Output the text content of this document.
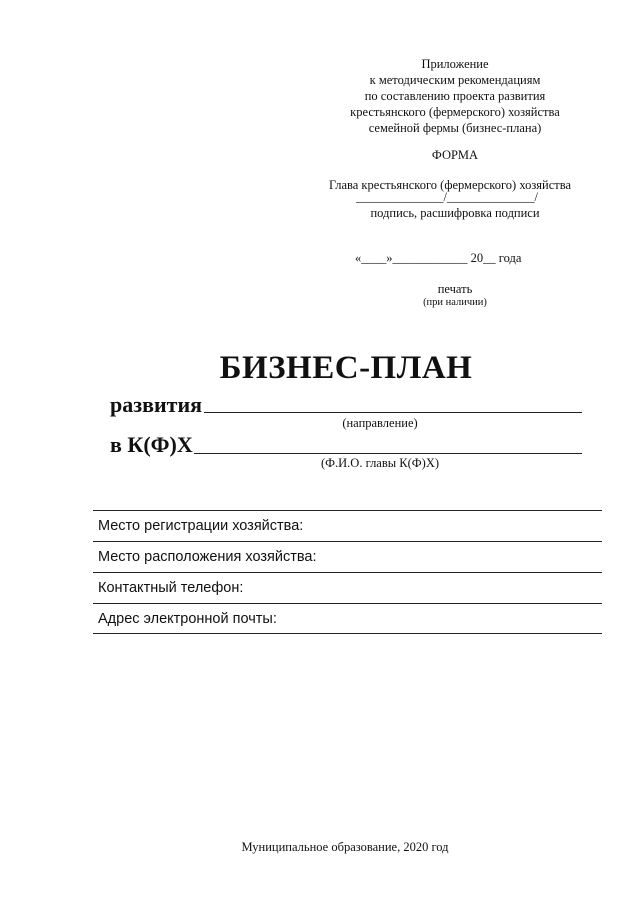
Приложение
к методическим рекомендациям
по составлению проекта развития
крестьянского (фермерского) хозяйства
семейной фермы (бизнес-плана)
ФОРМА
Глава крестьянского (фермерского) хозяйства
______________/______________/
подпись, расшифровка подписи
«____»____________ 20__ года
печать
(при наличии)
БИЗНЕС-ПЛАН
развития
(направление)
в К(Ф)Х
(Ф.И.О. главы К(Ф)Х)
Место регистрации хозяйства:
Место расположения хозяйства:
Контактный телефон:
Адрес электронной почты:
Муниципальное образование, 2020 год
